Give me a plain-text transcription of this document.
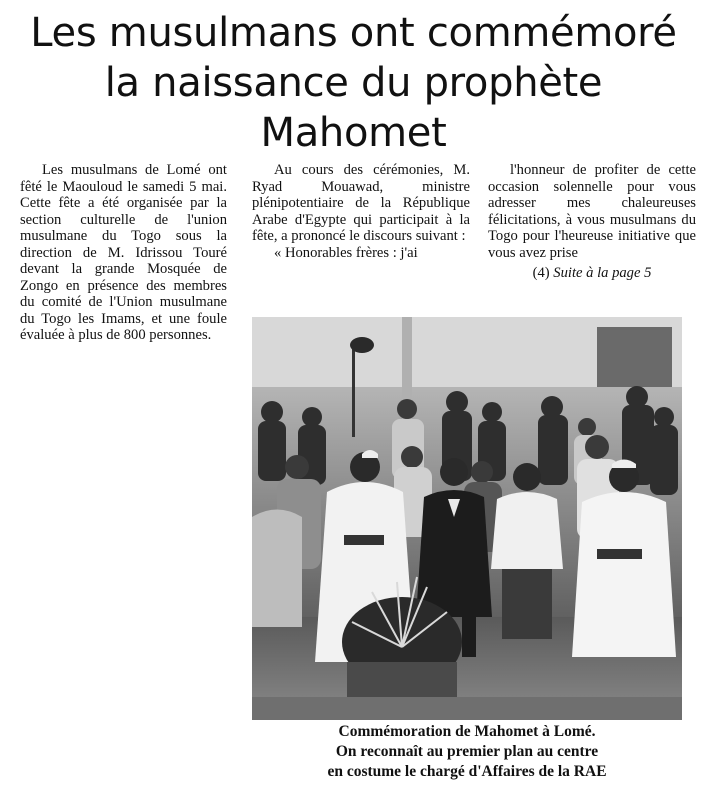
Les musulmans ont commémoré
la naissance du prophète
Mahomet

Les musulmans de Lomé ont fêté le Maouloud le samedi 5 mai. Cette fête a été organisée par la section culturelle de l'union musulmane du Togo sous la direction de M. Idrissou Touré devant la grande Mosquée de Zongo en présence des membres du comité de l'Union musulmane du Togo les Imams, et une foule évaluée à plus de 800 personnes.

Au cours des cérémonies, M. Ryad Mouawad, ministre plénipotentiaire de la République Arabe d'Egypte qui participait à la fête, a prononcé le discours suivant :

« Honorables frères : j'ai

l'honneur de profiter de cette occasion solennelle pour vous adresser mes chaleureuses félicitations, à vous musulmans du Togo pour l'heureuse initiative que vous avez prise

(4) Suite à la page 5

Commémoration de Mahomet à Lomé.
On reconnaît au premier plan au centre
en costume le chargé d'Affaires de la RAE
